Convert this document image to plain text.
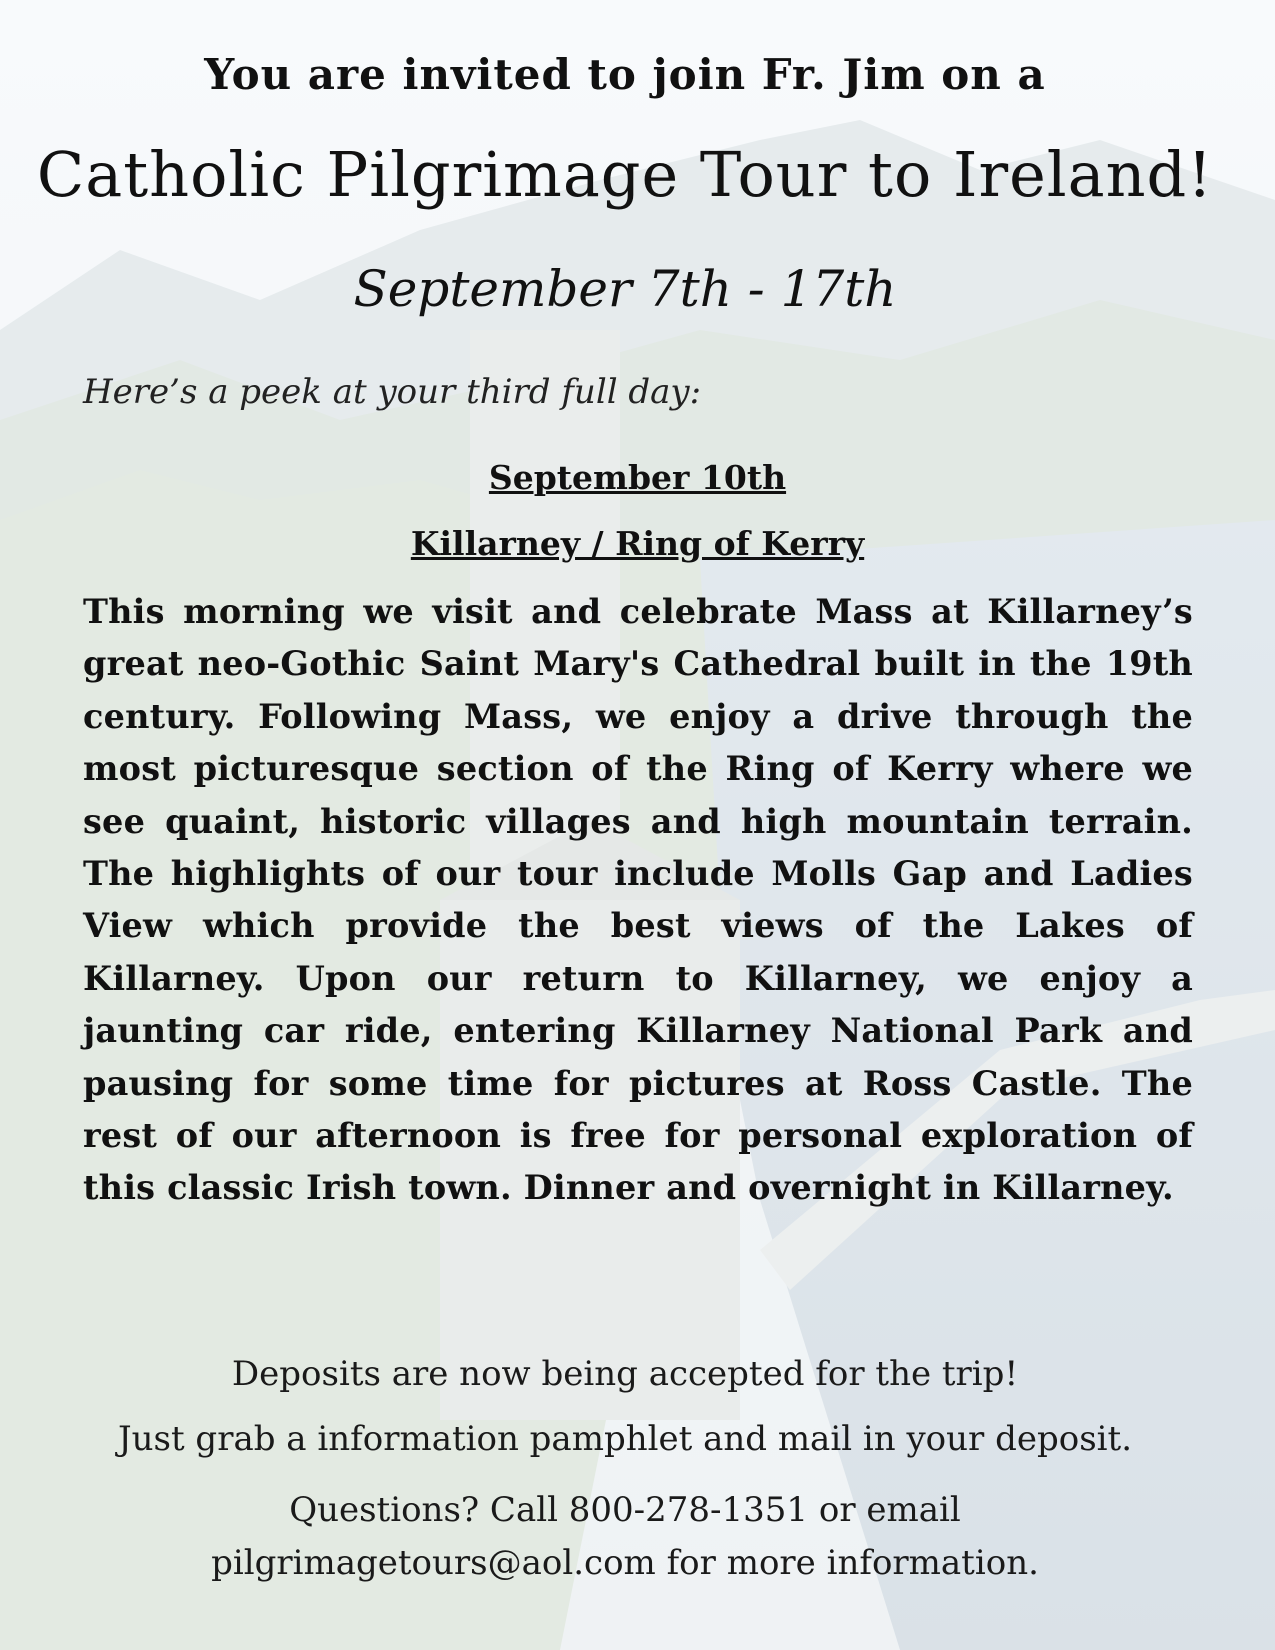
You are invited to join Fr. Jim on a
Catholic Pilgrimage Tour to Ireland!
September 7th - 17th
Here’s a peek at your third full day:
September 10th
Killarney / Ring of Kerry
This morning we visit and celebrate Mass at Killarney’s great neo-Gothic Saint Mary's Cathedral built in the 19th century. Following Mass, we enjoy a drive through the most picturesque section of the Ring of Kerry where we see quaint, historic villages and high mountain terrain. The highlights of our tour include Molls Gap and Ladies View which provide the best views of the Lakes of Killarney. Upon our return to Killarney, we enjoy a jaunting car ride, entering Killarney National Park and pausing for some time for pictures at Ross Castle. The rest of our afternoon is free for personal exploration of this classic Irish town. Dinner and overnight in Killarney.
Deposits are now being accepted for the trip!
Just grab a information pamphlet and mail in your deposit.
Questions? Call 800-278-1351 or email
pilgrimagetours@aol.com for more information.
